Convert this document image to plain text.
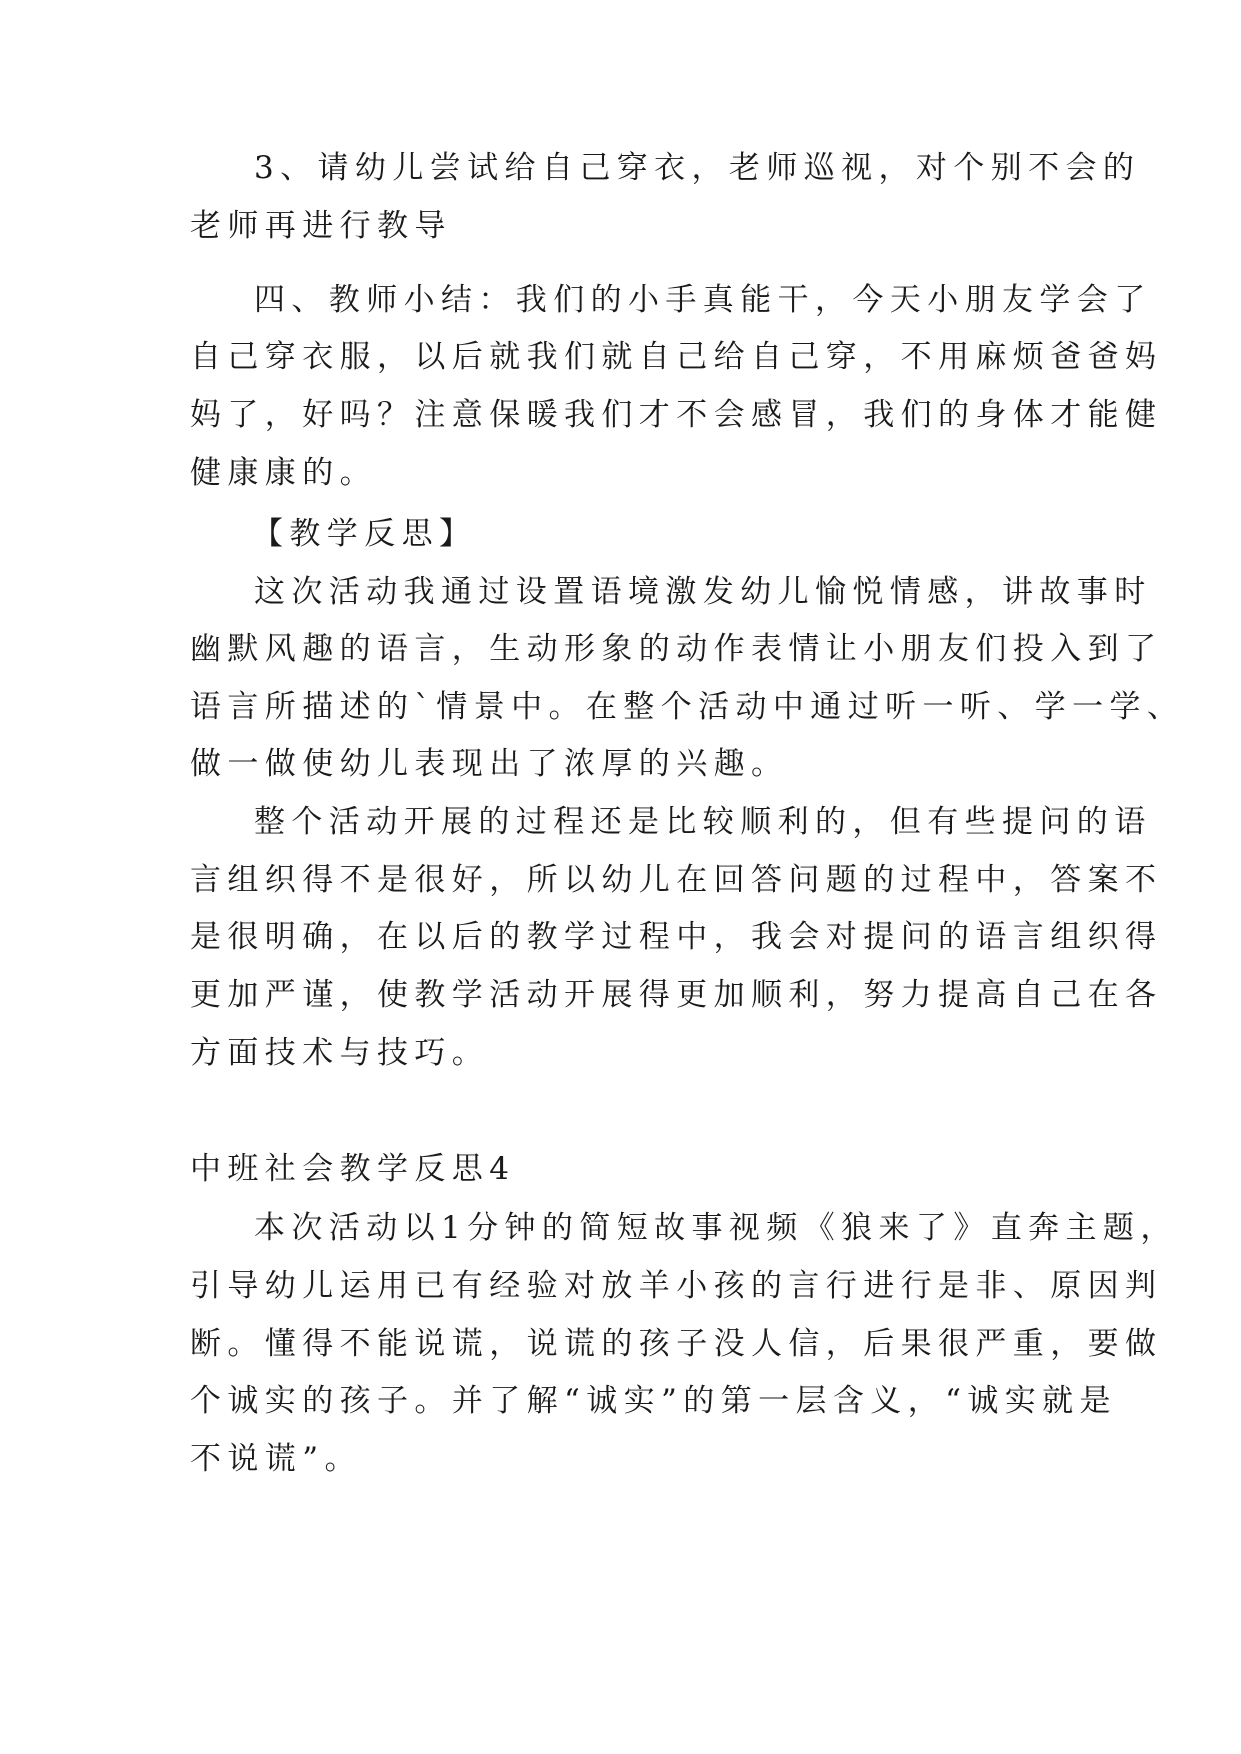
3、请幼儿尝试给自己穿衣，老师巡视，对个别不会的
老师再进行教导
四、教师小结：我们的小手真能干，今天小朋友学会了
自己穿衣服，以后就我们就自己给自己穿，不用麻烦爸爸妈
妈了，好吗？注意保暖我们才不会感冒，我们的身体才能健
健康康的。
【教学反思】
这次活动我通过设置语境激发幼儿愉悦情感，讲故事时
幽默风趣的语言，生动形象的动作表情让小朋友们投入到了
语言所描述的`情景中。在整个活动中通过听一听、学一学、
做一做使幼儿表现出了浓厚的兴趣。
整个活动开展的过程还是比较顺利的，但有些提问的语
言组织得不是很好，所以幼儿在回答问题的过程中，答案不
是很明确，在以后的教学过程中，我会对提问的语言组织得
更加严谨，使教学活动开展得更加顺利，努力提高自己在各
方面技术与技巧。
中班社会教学反思4
本次活动以1分钟的简短故事视频《狼来了》直奔主题，
引导幼儿运用已有经验对放羊小孩的言行进行是非、原因判
断。懂得不能说谎，说谎的孩子没人信，后果很严重，要做
个诚实的孩子。并了解“诚实”的第一层含义，“诚实就是
不说谎”。
